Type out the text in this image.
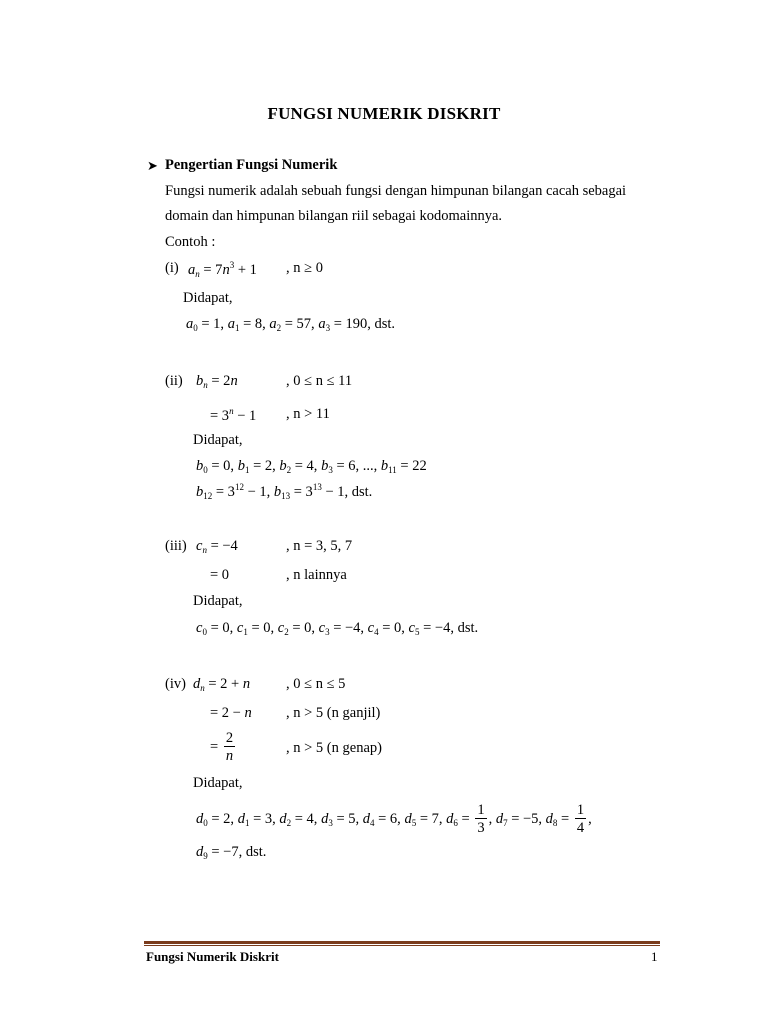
FUNGSI NUMERIK DISKRIT
➤ Pengertian Fungsi Numerik
Fungsi numerik adalah sebuah fungsi dengan himpunan bilangan cacah sebagai
domain dan himpunan bilangan riil sebagai kodomainnya.
Contoh :
(i) $a_n = 7n^3 + 1$ , n ≥ 0
Didapat,
$a_0 = 1$, $a_1 = 8$, $a_2 = 57$, $a_3 = 190$, dst.
(ii) $b_n = 2n$	, 0 ≤ n ≤ 11
= $3^n - 1$ , n > 11
Didapat,
$b_0 = 0$, $b_1 = 2$, $b_2 = 4$, $b_3 = 6$, ..., $b_{11} = 22$
$b_{12} = 3^{12} - 1$, $b_{13} = 3^{13} - 1$, dst.
(iii) $c_n = -4$	, n = 3, 5, 7
= 0	, n lainnya
Didapat,
$c_0 = 0$, $c_1 = 0$, $c_2 = 0$, $c_3 = -4$, $c_4 = 0$, $c_5 = -4$, dst.
(iv) $d_n = 2 + n$ , 0 ≤ n ≤ 5
= 2 − n , n > 5 (n ganjil)
= $\frac{2}{n}$	, n > 5 (n genap)
Didapat,
$d_0 = 2$, $d_1 = 3$, $d_2 = 4$, $d_3 = 5$, $d_4 = 6$, $d_5 = 7$, $d_6 = \frac{1}{3}$ , $d_7 = -5$, $d_8 = \frac{1}{4}$ ,
$d_9 = -7$, dst.
Fungsi Numerik Diskrit	1
